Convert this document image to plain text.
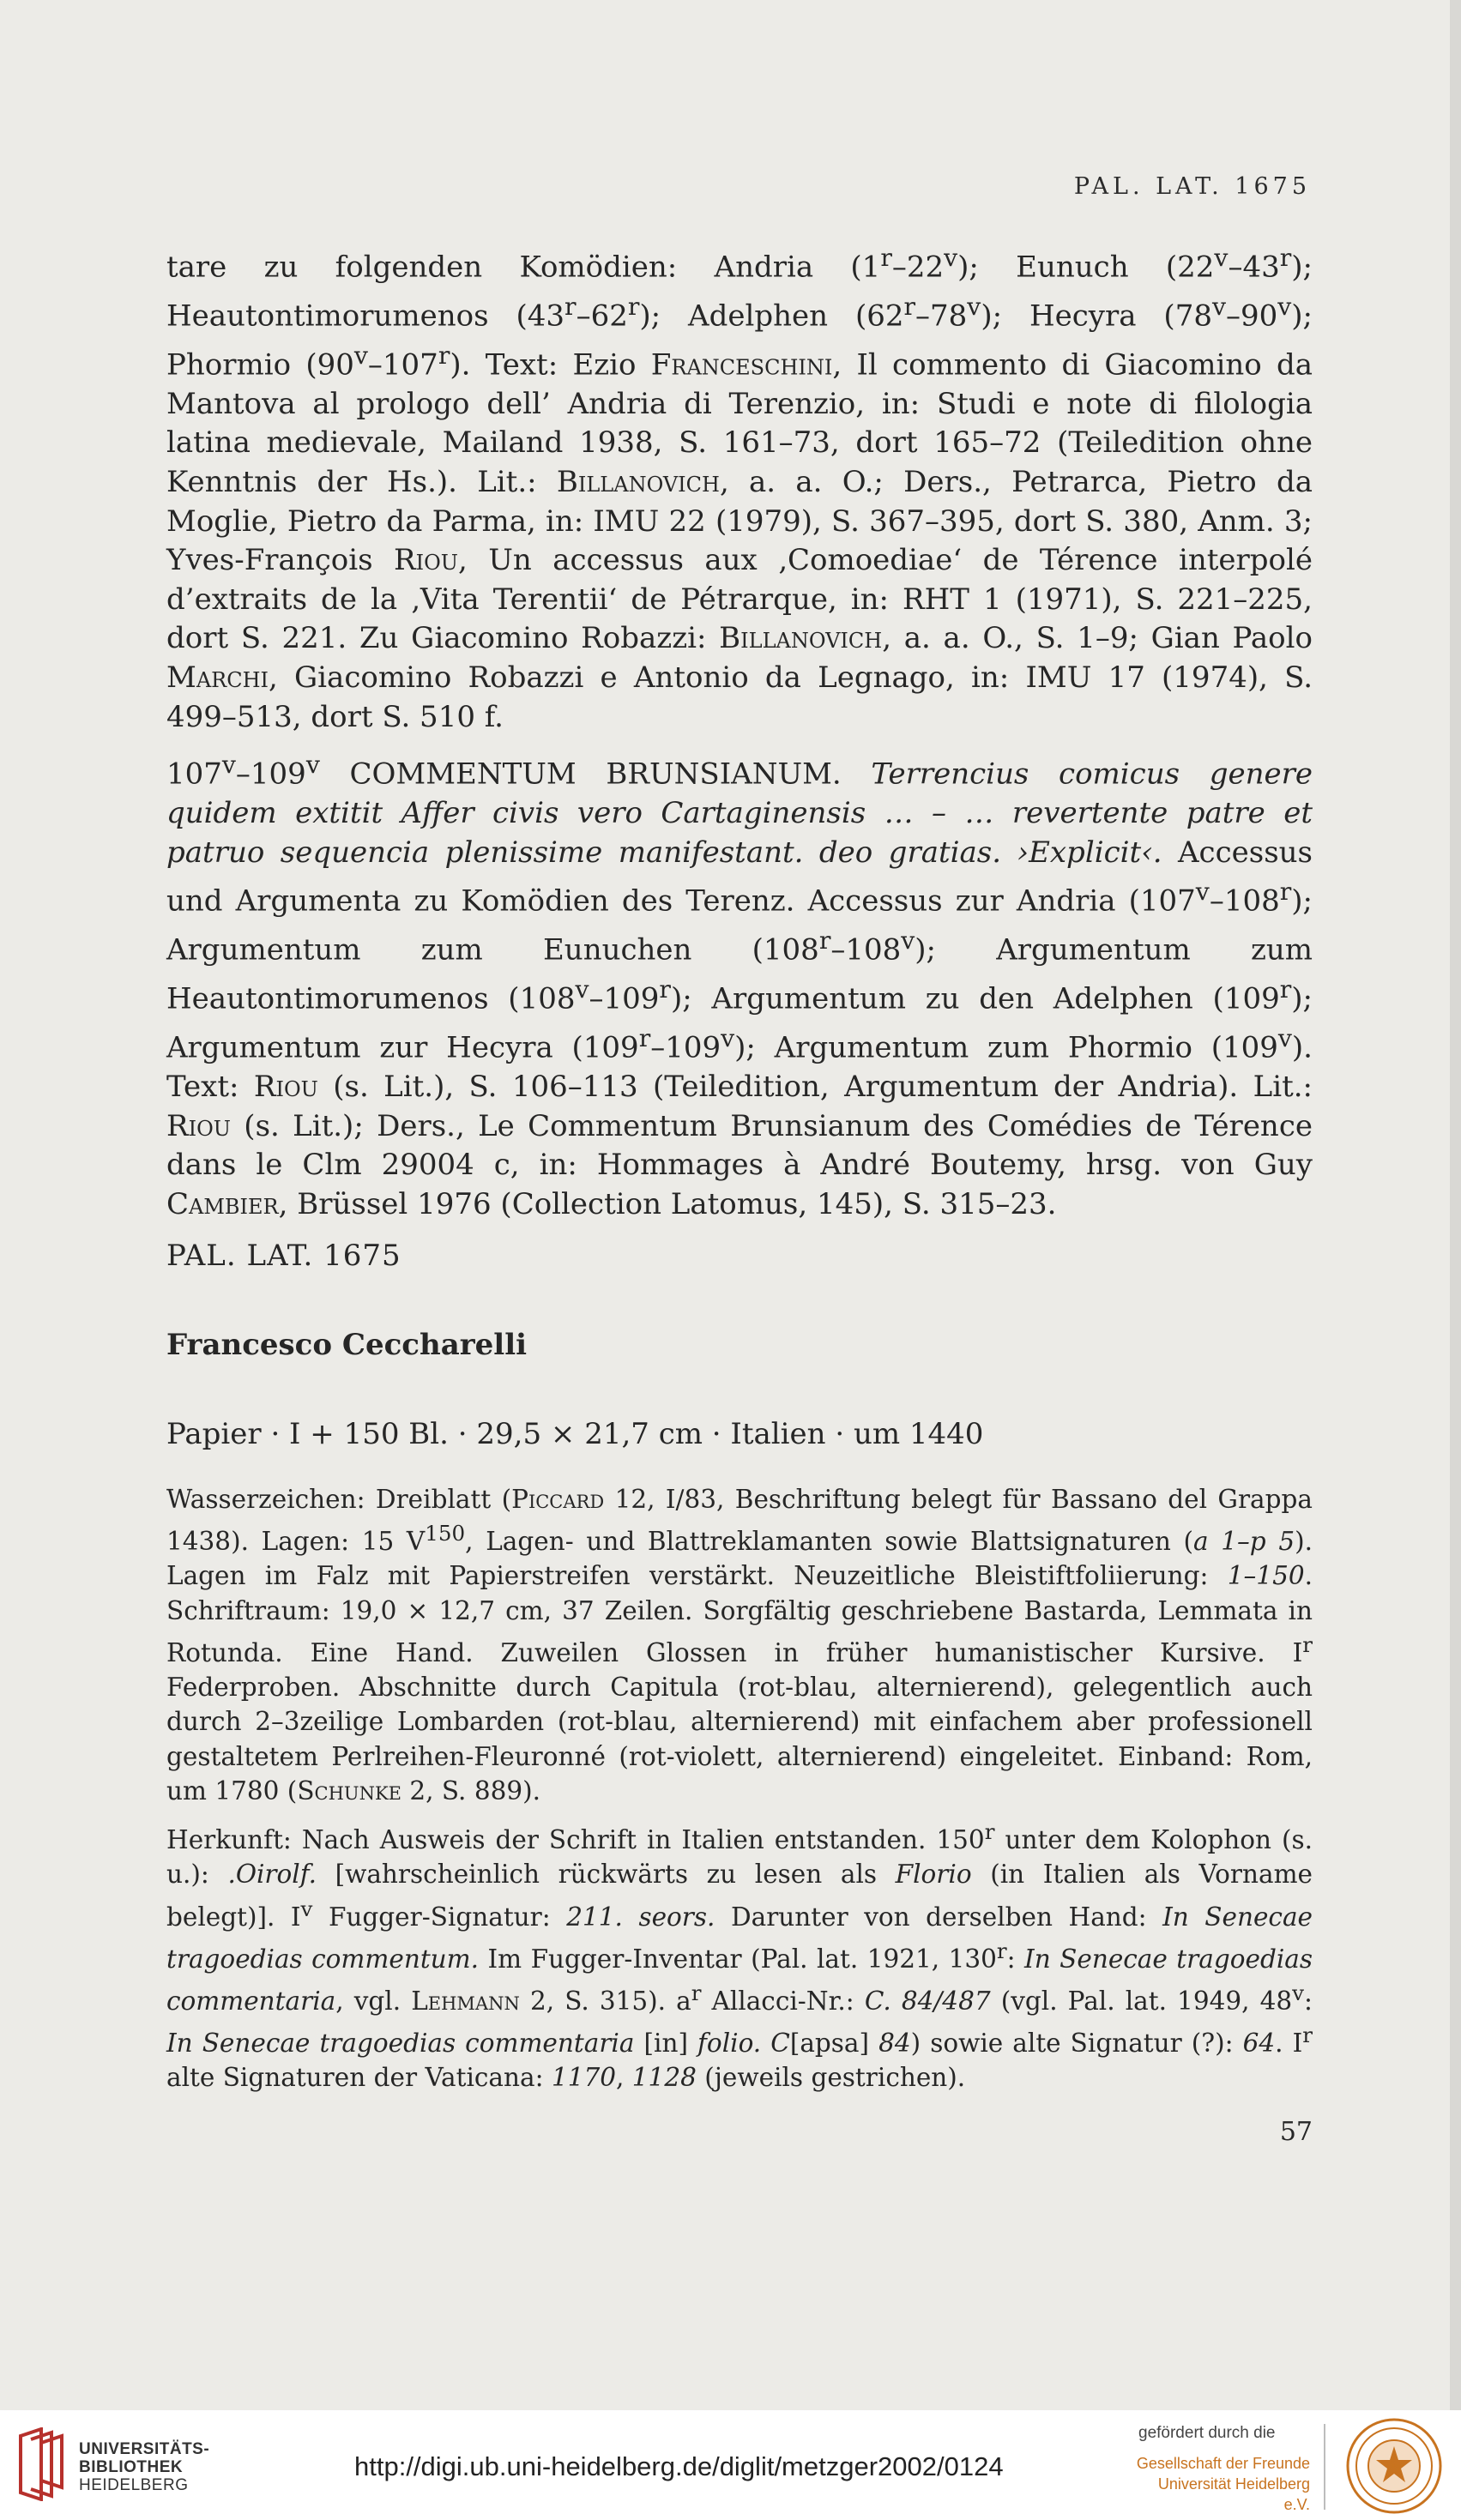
PAL. LAT. 1675

tare zu folgenden Komödien: Andria (1$^r$–22$^v$); Eunuch (22$^v$–43$^r$); Heautontimorumenos (43$^r$–62$^r$); Adelphen (62$^r$–78$^v$); Hecyra (78$^v$–90$^v$); Phormio (90$^v$–107$^r$). Text: Ezio Franceschini, Il commento di Giacomino da Mantova al prologo dell’ Andria di Terenzio, in: Studi e note di filologia latina medievale, Mailand 1938, S. 161–73, dort 165–72 (Teiledition ohne Kenntnis der Hs.). Lit.: Billanovich, a. a. O.; Ders., Petrarca, Pietro da Moglie, Pietro da Parma, in: IMU 22 (1979), S. 367–395, dort S. 380, Anm. 3; Yves-François Riou, Un accessus aux ‚Comoediae‘ de Térence interpolé d’extraits de la ‚Vita Terentii‘ de Pétrarque, in: RHT 1 (1971), S. 221–225, dort S. 221. Zu Giacomino Robazzi: Billanovich, a. a. O., S. 1–9; Gian Paolo Marchi, Giacomino Robazzi e Antonio da Legnago, in: IMU 17 (1974), S. 499–513, dort S. 510 f.

107$^v$–109$^v$ COMMENTUM BRUNSIANUM. Terrencius comicus genere quidem extitit Affer civis vero Cartaginensis … – … revertente patre et patruo sequencia plenissime manifestant. deo gratias. ›Explicit‹. Accessus und Argumenta zu Komödien des Terenz. Accessus zur Andria (107$^v$–108$^r$); Argumentum zum Eunuchen (108$^r$–108$^v$); Argumentum zum Heautontimorumenos (108$^v$–109$^r$); Argumentum zu den Adelphen (109$^r$); Argumentum zur Hecyra (109$^r$–109$^v$); Argumentum zum Phormio (109$^v$). Text: Riou (s. Lit.), S. 106–113 (Teiledition, Argumentum der Andria). Lit.: Riou (s. Lit.); Ders., Le Commentum Brunsianum des Comédies de Térence dans le Clm 29004 c, in: Hommages à André Boutemy, hrsg. von Guy Cambier, Brüssel 1976 (Collection Latomus, 145), S. 315–23.

PAL. LAT. 1675
Francesco Ceccharelli
Papier · I + 150 Bl. · 29,5 × 21,7 cm · Italien · um 1440

Wasserzeichen: Dreiblatt (Piccard 12, I/83, Beschriftung belegt für Bassano del Grappa 1438). Lagen: 15 $V^{150}$, Lagen- und Blattreklamanten sowie Blattsignaturen (a 1–p 5). Lagen im Falz mit Papierstreifen verstärkt. Neuzeitliche Bleistiftfoliierung: 1–150. Schriftraum: 19,0 × 12,7 cm, 37 Zeilen. Sorgfältig geschriebene Bastarda, Lemmata in Rotunda. Eine Hand. Zuweilen Glossen in früher humanistischer Kursive. $I^r$ Federproben. Abschnitte durch Capitula (rot-blau, alternierend), gelegentlich auch durch 2–3zeilige Lombarden (rot-blau, alternierend) mit einfachem aber professionell gestaltetem Perlreihen-Fleuronné (rot-violett, alternierend) eingeleitet. Einband: Rom, um 1780 (Schunke 2, S. 889).

Herkunft: Nach Ausweis der Schrift in Italien entstanden. 150$^r$ unter dem Kolophon (s. u.): .Oirolf. [wahrscheinlich rückwärts zu lesen als Florio (in Italien als Vorname belegt)]. $I^v$ Fugger-Signatur: 211. seors. Darunter von derselben Hand: In Senecae tragoedias commentum. Im Fugger-Inventar (Pal. lat. 1921, 130$^r$: In Senecae tragoedias commentaria, vgl. Lehmann 2, S. 315). $a^r$ Allacci-Nr.: C. 84/487 (vgl. Pal. lat. 1949, 48$^v$: In Senecae tragoedias commentaria [in] folio. C[apsa] 84) sowie alte Signatur (?): 64. $I^r$ alte Signaturen der Vaticana: 1170, 1128 (jeweils gestrichen).

57
UNIVERSITÄTS-
BIBLIOTHEK
HEIDELBERG
http://digi.ub.uni-heidelberg.de/diglit/metzger2002/0124
gefördert durch die
Gesellschaft der Freunde
Universität Heidelberg e.V.
